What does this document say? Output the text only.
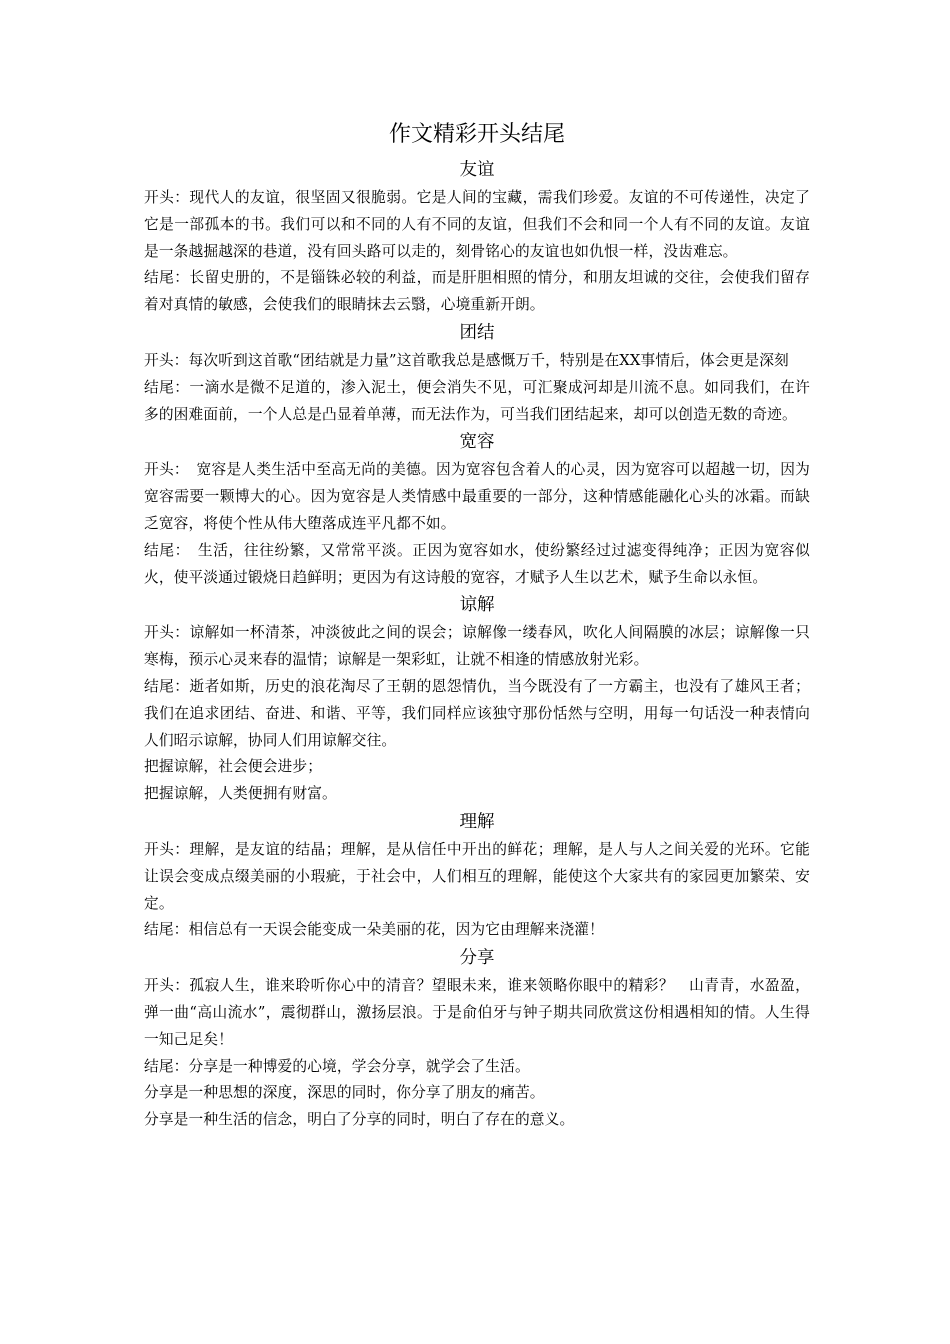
作文精彩开头结尾
友谊

开头：现代人的友谊，很坚固又很脆弱。它是人间的宝藏，需我们珍爱。友谊的不可传递性，决定了它是一部孤本的书。我们可以和不同的人有不同的友谊，但我们不会和同一个人有不同的友谊。友谊是一条越掘越深的巷道，没有回头路可以走的，刻骨铭心的友谊也如仇恨一样，没齿难忘。

结尾：长留史册的，不是锱铢必较的利益，而是肝胆相照的情分，和朋友坦诚的交往，会使我们留存着对真情的敏感，会使我们的眼睛抹去云翳，心境重新开朗。

团结

开头：每次听到这首歌“团结就是力量”这首歌我总是感慨万千，特别是在XX事情后，体会更是深刻

结尾：一滴水是微不足道的，渗入泥土，便会消失不见，可汇聚成河却是川流不息。如同我们，在许多的困难面前，一个人总是凸显着单薄，而无法作为，可当我们团结起来，却可以创造无数的奇迹。

宽容

开头：　宽容是人类生活中至高无尚的美德。因为宽容包含着人的心灵，因为宽容可以超越一切，因为宽容需要一颗博大的心。因为宽容是人类情感中最重要的一部分，这种情感能融化心头的冰霜。而缺乏宽容，将使个性从伟大堕落成连平凡都不如。

结尾：　生活，往往纷繁，又常常平淡。正因为宽容如水，使纷繁经过过滤变得纯净；正因为宽容似火，使平淡通过锻烧日趋鲜明；更因为有这诗般的宽容，才赋予人生以艺术，赋予生命以永恒。

谅解

开头：谅解如一杯清茶，冲淡彼此之间的误会；谅解像一缕春风，吹化人间隔膜的冰层；谅解像一只寒梅，预示心灵来春的温情；谅解是一架彩虹，让就不相逢的情感放射光彩。

结尾：逝者如斯，历史的浪花淘尽了王朝的恩怨情仇，当今既没有了一方霸主，也没有了雄风王者；我们在追求团结、奋进、和谐、平等，我们同样应该独守那份恬然与空明，用每一句话没一种表情向人们昭示谅解，协同人们用谅解交往。

把握谅解，社会便会进步；

把握谅解，人类便拥有财富。

理解

开头：理解，是友谊的结晶；理解，是从信任中开出的鲜花；理解，是人与人之间关爱的光环。它能让误会变成点缀美丽的小瑕疵，于社会中，人们相互的理解，能使这个大家共有的家园更加繁荣、安定。

结尾：相信总有一天误会能变成一朵美丽的花，因为它由理解来浇灌！

分享

开头：孤寂人生，谁来聆听你心中的清音？望眼未来，谁来领略你眼中的精彩？　山青青，水盈盈，弹一曲“高山流水”，震彻群山，激扬层浪。于是俞伯牙与钟子期共同欣赏这份相遇相知的情。人生得一知己足矣！

结尾：分享是一种博爱的心境，学会分享，就学会了生活。

分享是一种思想的深度，深思的同时，你分享了朋友的痛苦。

分享是一种生活的信念，明白了分享的同时，明白了存在的意义。
